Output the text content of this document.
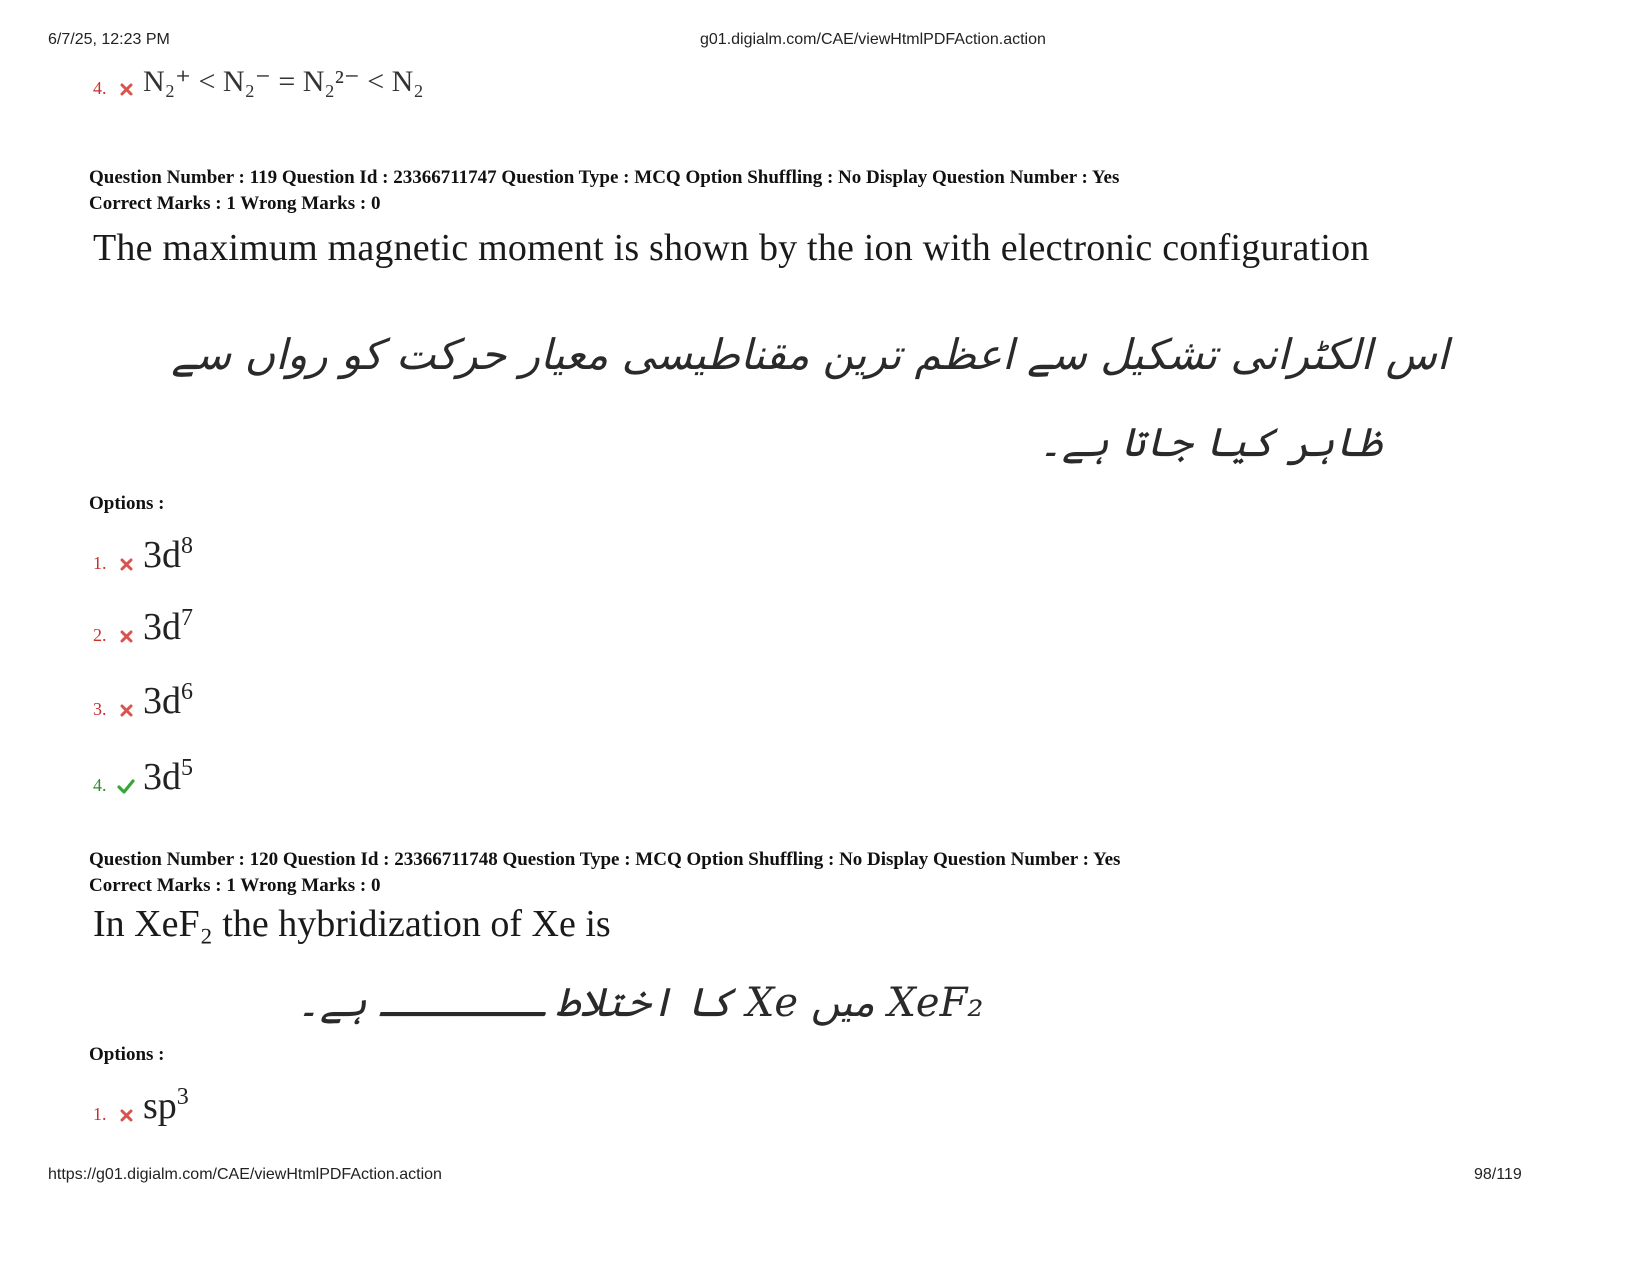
6/7/25, 12:23 PM	g01.digialm.com/CAE/viewHtmlPDFAction.action
4. N₂⁺ < N₂⁻ = N₂²⁻ < N₂
Question Number : 119 Question Id : 23366711747 Question Type : MCQ Option Shuffling : No Display Question Number : Yes
Correct Marks : 1 Wrong Marks : 0
The maximum magnetic moment is shown by the ion with electronic configuration
اس الکٹرانی تشکیل سے اعظم ترین مقناطیسی معیار حرکت کو رواں سے
ظاہر کیا جاتا ہے۔
Options :
1. $3d^8$
2. $3d^7$
3. $3d^6$
4. $3d^5$
Question Number : 120 Question Id : 23366711748 Question Type : MCQ Option Shuffling : No Display Question Number : Yes
Correct Marks : 1 Wrong Marks : 0
In XeF₂ the hybridization of Xe is
XeF₂ میں Xe کا اختلاط ـــــــ ہے۔
Options :
1. $sp^3$
https://g01.digialm.com/CAE/viewHtmlPDFAction.action	98/119
